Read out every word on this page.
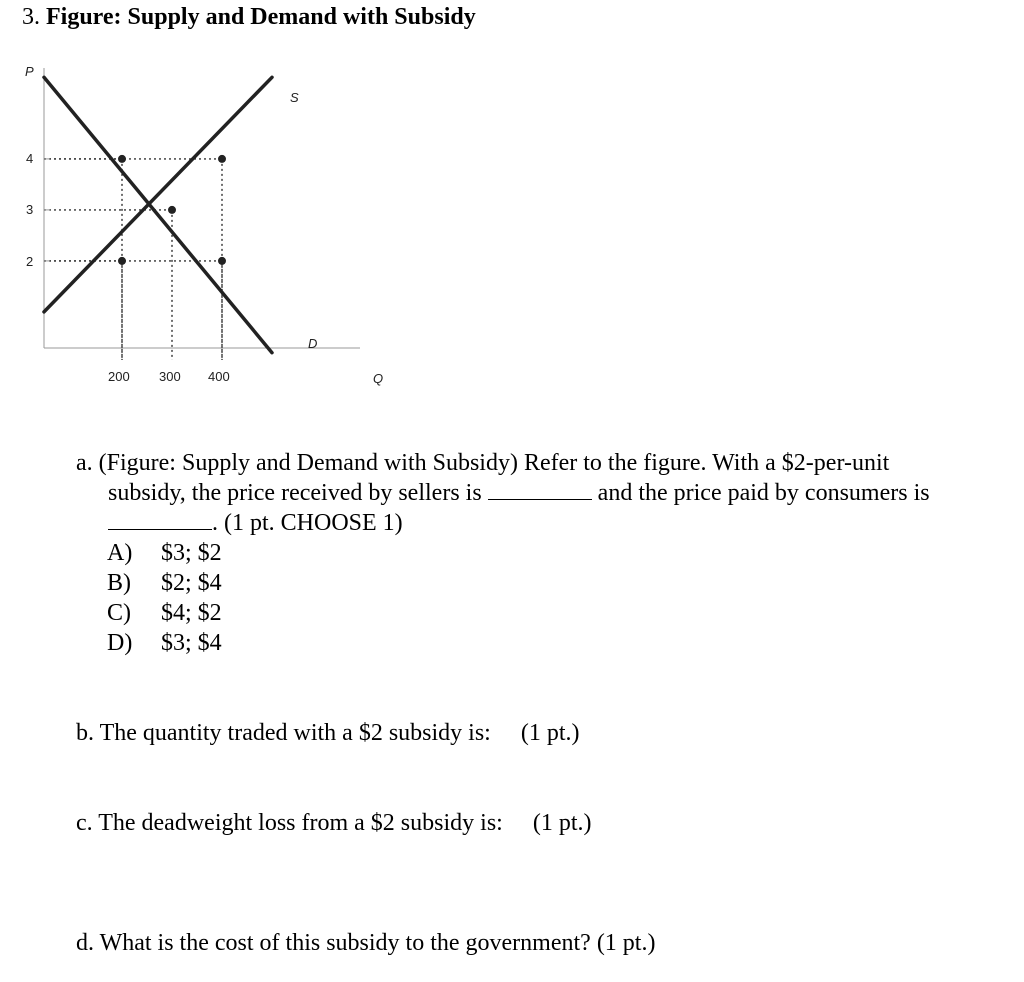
3. Figure: Supply and Demand with Subsidy
P
Q
4
3
2
200 300 400
S
D
a. (Figure: Supply and Demand with Subsidy) Refer to the figure. With a $2-per-unit
subsidy, the price received by sellers is	and the price paid by consumers is
. (1 pt. CHOOSE 1)
A)	$3; $2
B)	$2; $4
C)	$4; $2
D)	$3; $4
b. The quantity traded with a $2 subsidy is: (1 pt.)
c. The deadweight loss from a $2 subsidy is: (1 pt.)
d. What is the cost of this subsidy to the government? (1 pt.)
